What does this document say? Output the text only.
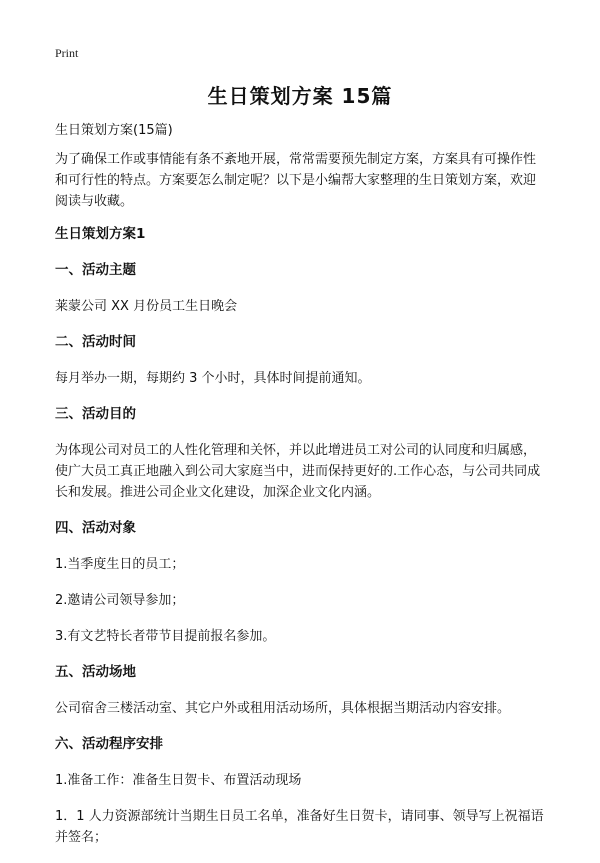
Print
生日策划方案 15篇

生日策划方案(15篇)

为了确保工作或事情能有条不紊地开展，常常需要预先制定方案，方案具有可操作性和可行性的特点。方案要怎么制定呢？以下是小编帮大家整理的生日策划方案，欢迎阅读与收藏。

生日策划方案1

一、活动主题

莱蒙公司 XX 月份员工生日晚会

二、活动时间

每月举办一期，每期约 3 个小时，具体时间提前通知。

三、活动目的

为体现公司对员工的人性化管理和关怀，并以此增进员工对公司的认同度和归属感，使广大员工真正地融入到公司大家庭当中，进而保持更好的.工作心态，与公司共同成长和发展。推进公司企业文化建设，加深企业文化内涵。

四、活动对象

1.当季度生日的员工；

2.邀请公司领导参加；

3.有文艺特长者带节目提前报名参加。

五、活动场地

公司宿舍三楼活动室、其它户外或租用活动场所，具体根据当期活动内容安排。

六、活动程序安排

1.准备工作：准备生日贺卡、布置活动现场

1．1 人力资源部统计当期生日员工名单，准备好生日贺卡，请同事、领导写上祝福语并签名；
